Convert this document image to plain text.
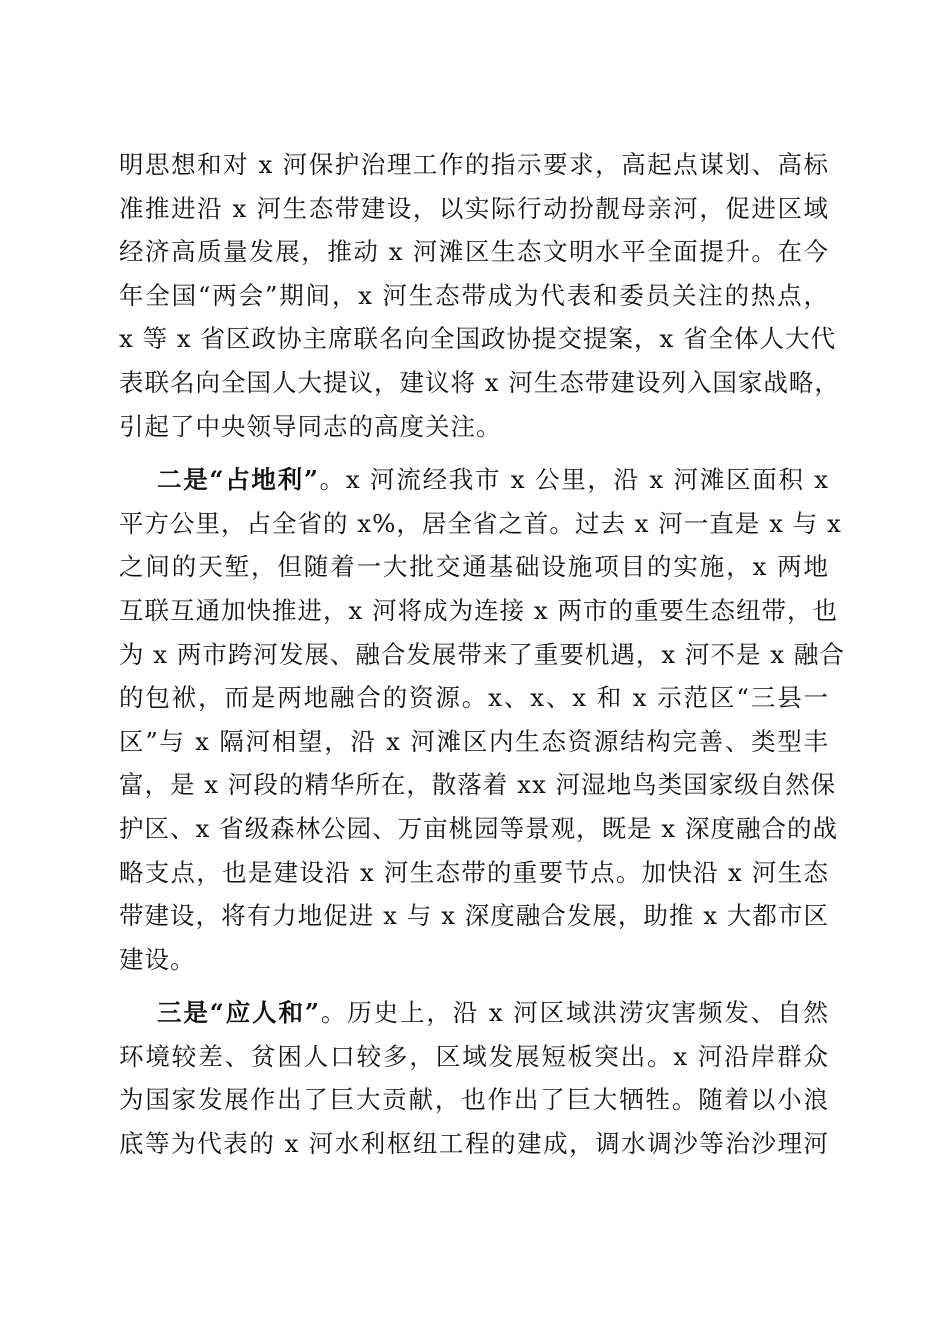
明思想和对 x 河保护治理工作的指示要求，高起点谋划、高标
准推进沿 x 河生态带建设，以实际行动扮靓母亲河，促进区域
经济高质量发展，推动 x 河滩区生态文明水平全面提升。在今
年全国“两会”期间，x 河生态带成为代表和委员关注的热点，
x 等 x 省区政协主席联名向全国政协提交提案，x 省全体人大代
表联名向全国人大提议，建议将 x 河生态带建设列入国家战略，
引起了中央领导同志的高度关注。
二是“占地利”。x 河流经我市 x 公里，沿 x 河滩区面积 x
平方公里，占全省的 x%，居全省之首。过去 x 河一直是 x 与 x
之间的天堑，但随着一大批交通基础设施项目的实施，x 两地
互联互通加快推进，x 河将成为连接 x 两市的重要生态纽带，也
为 x 两市跨河发展、融合发展带来了重要机遇，x 河不是 x 融合
的包袱，而是两地融合的资源。x、x、x 和 x 示范区“三县一
区”与 x 隔河相望，沿 x 河滩区内生态资源结构完善、类型丰
富，是 x 河段的精华所在，散落着 xx 河湿地鸟类国家级自然保
护区、x 省级森林公园、万亩桃园等景观，既是 x 深度融合的战
略支点，也是建设沿 x 河生态带的重要节点。加快沿 x 河生态
带建设，将有力地促进 x 与 x 深度融合发展，助推 x 大都市区
建设。
三是“应人和”。历史上，沿 x 河区域洪涝灾害频发、自然
环境较差、贫困人口较多，区域发展短板突出。x 河沿岸群众
为国家发展作出了巨大贡献，也作出了巨大牺牲。随着以小浪
底等为代表的 x 河水利枢纽工程的建成，调水调沙等治沙理河
